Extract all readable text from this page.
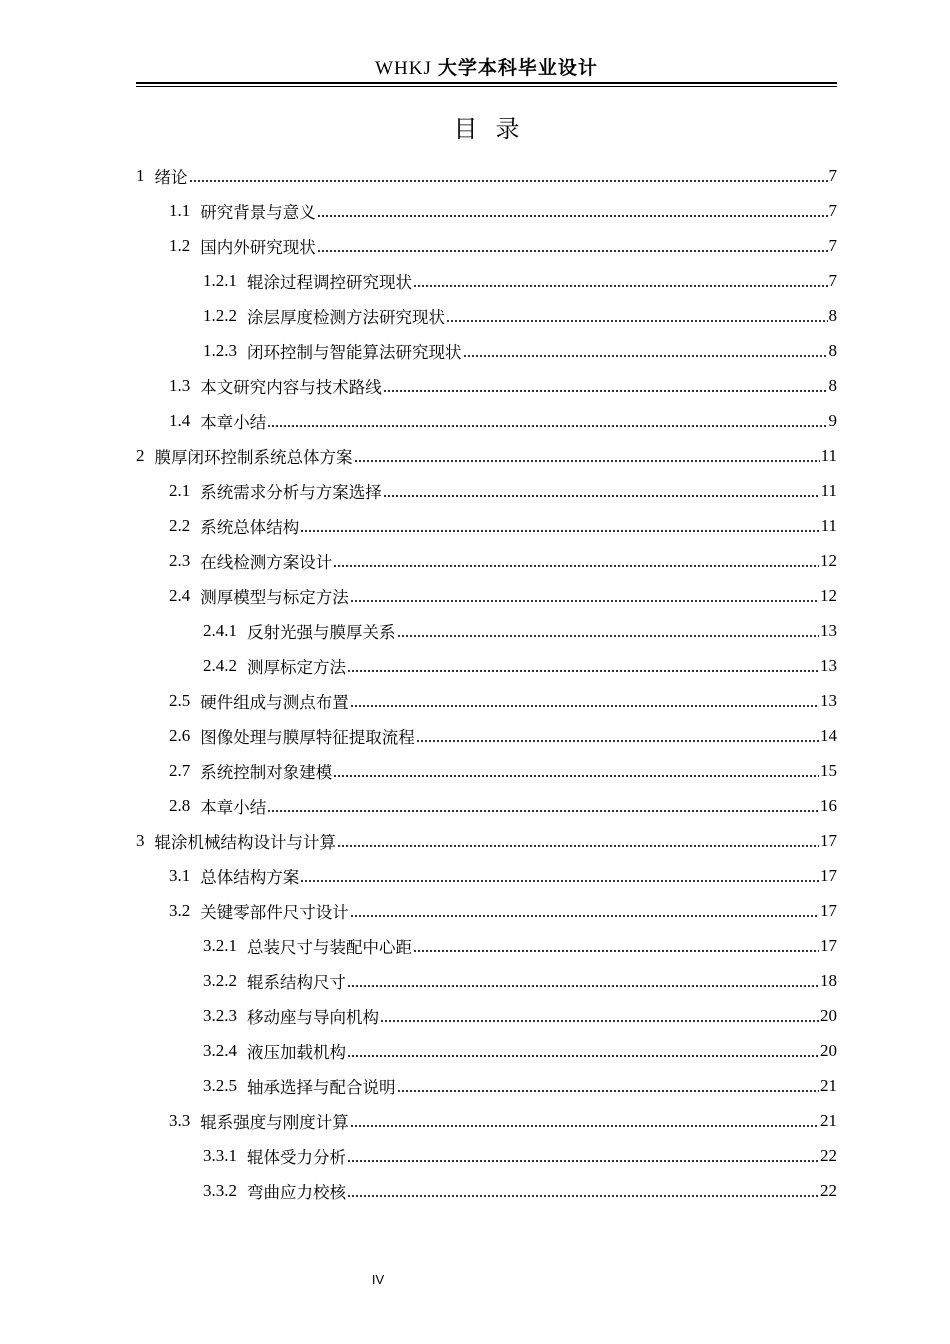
WHKJ 大学本科毕业设计
目录
1 绪论	7
1.1 研究背景与意义	7
1.2 国内外研究现状	7
1.2.1 辊涂过程调控研究现状	7
1.2.2 涂层厚度检测方法研究现状	8
1.2.3 闭环控制与智能算法研究现状	8
1.3 本文研究内容与技术路线	8
1.4 本章小结	9
2 膜厚闭环控制系统总体方案	11
2.1 系统需求分析与方案选择	11
2.2 系统总体结构	11
2.3 在线检测方案设计	12
2.4 测厚模型与标定方法	12
2.4.1 反射光强与膜厚关系	13
2.4.2 测厚标定方法	13
2.5 硬件组成与测点布置	13
2.6 图像处理与膜厚特征提取流程	14
2.7 系统控制对象建模	15
2.8 本章小结	16
3 辊涂机械结构设计与计算	17
3.1 总体结构方案	17
3.2 关键零部件尺寸设计	17
3.2.1 总装尺寸与装配中心距	17
3.2.2 辊系结构尺寸	18
3.2.3 移动座与导向机构	20
3.2.4 液压加载机构	20
3.2.5 轴承选择与配合说明	21
3.3 辊系强度与刚度计算	21
3.3.1 辊体受力分析	22
3.3.2 弯曲应力校核	22
IV
